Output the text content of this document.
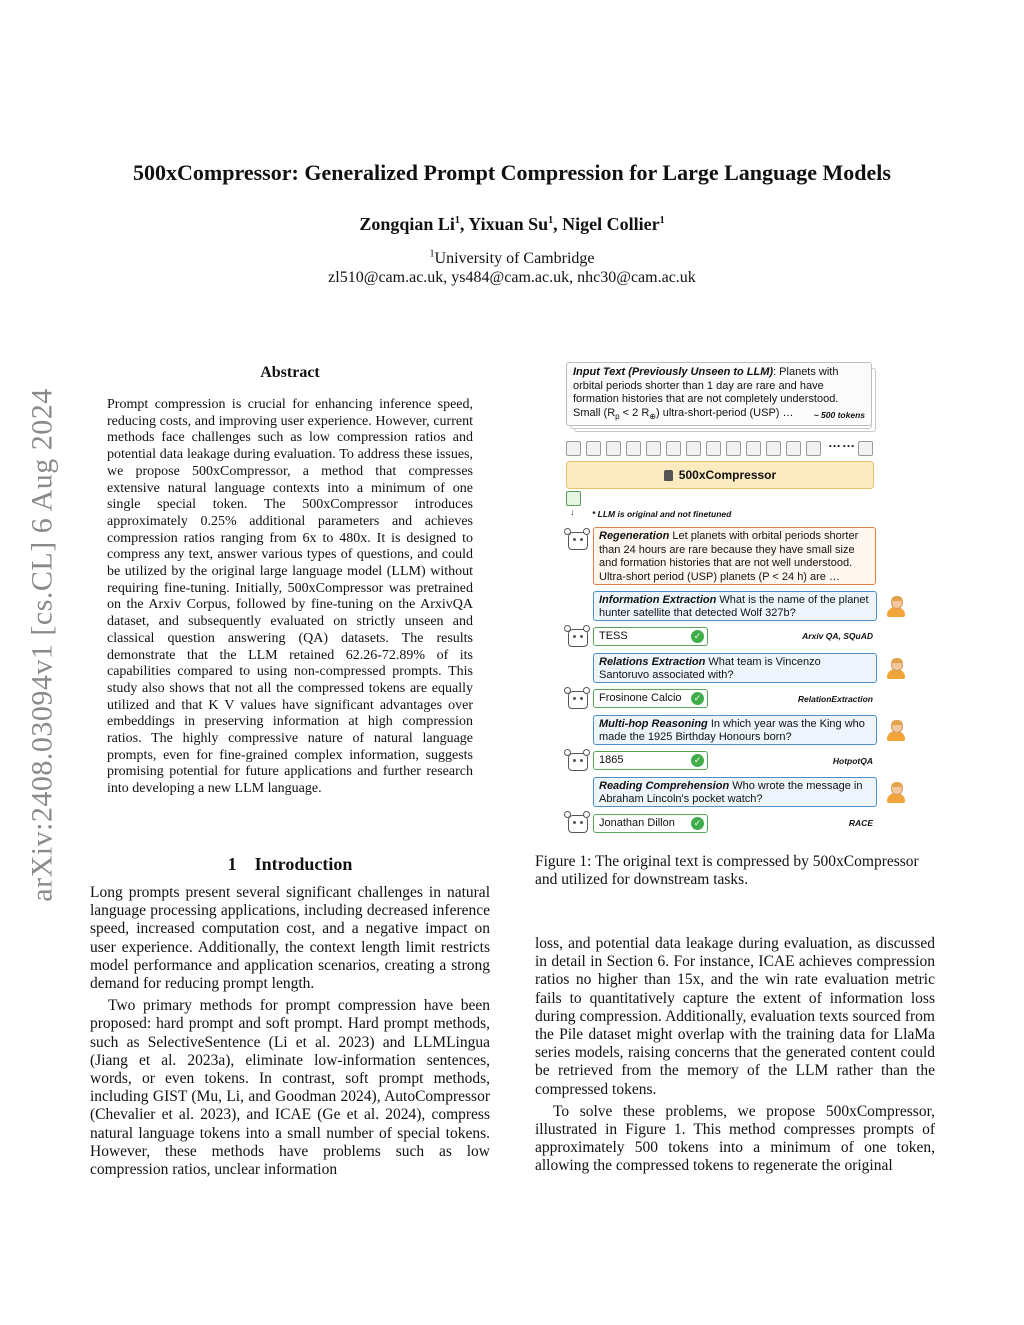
arXiv:2408.03094v1 [cs.CL] 6 Aug 2024
500xCompressor: Generalized Prompt Compression for Large Language Models
Zongqian Li$^1$, Yixuan Su$^1$, Nigel Collier$^1$
$^1$University of Cambridge
zl510@cam.ac.uk, ys484@cam.ac.uk, nhc30@cam.ac.uk
Abstract
Prompt compression is crucial for enhancing inference speed, reducing costs, and improving user experience. However, current methods face challenges such as low compression ratios and potential data leakage during evaluation. To address these issues, we propose 500xCompressor, a method that compresses extensive natural language contexts into a minimum of one single special token. The 500xCompressor introduces approximately 0.25% additional parameters and achieves compression ratios ranging from 6x to 480x. It is designed to compress any text, answer various types of questions, and could be utilized by the original large language model (LLM) without requiring fine-tuning. Initially, 500xCompressor was pretrained on the Arxiv Corpus, followed by fine-tuning on the ArxivQA dataset, and subsequently evaluated on strictly unseen and classical question answering (QA) datasets. The results demonstrate that the LLM retained 62.26-72.89% of its capabilities compared to using non-compressed prompts. This study also shows that not all the compressed tokens are equally utilized and that K V values have significant advantages over embeddings in preserving information at high compression ratios. The highly compressive nature of natural language prompts, even for fine-grained complex information, suggests promising potential for future applications and further research into developing a new LLM language.
1 Introduction

Long prompts present several significant challenges in natural language processing applications, including decreased inference speed, increased computation cost, and a negative impact on user experience. Additionally, the context length limit restricts model performance and application scenarios, creating a strong demand for reducing prompt length.

Two primary methods for prompt compression have been proposed: hard prompt and soft prompt. Hard prompt methods, such as SelectiveSentence (Li et al. 2023) and LLMLingua (Jiang et al. 2023a), eliminate low-information sentences, words, or even tokens. In contrast, soft prompt methods, including GIST (Mu, Li, and Goodman 2024), AutoCompressor (Chevalier et al. 2023), and ICAE (Ge et al. 2024), compress natural language tokens into a small number of special tokens. However, these methods have problems such as low compression ratios, unclear information

Input Text (Previously Unseen to LLM): Planets with orbital periods shorter than 1 day are rare and have formation histories that are not completely understood. Small ($R_p < 2$ $R_\oplus$) ultra-short-period (USP) … ~ 500 tokens
……
500xCompressor
↓ * LLM is original and not finetuned
Regeneration Let planets with orbital periods shorter than 24 hours are rare because they have small size and formation histories that are not well understood. Ultra-short period (USP) planets (P < 24 h) are …
Information Extraction What is the name of the planet hunter satellite that detected Wolf 327b?
TESS	✓	Arxiv QA, SQuAD
Relations Extraction What team is Vincenzo Santoruvo associated with?
Frosinone Calcio	✓	RelationExtraction
Multi-hop Reasoning In which year was the King who made the 1925 Birthday Honours born?
1865	✓	HotpotQA
Reading Comprehension Who wrote the message in Abraham Lincoln's pocket watch?
Jonathan Dillon	✓	RACE
Figure 1: The original text is compressed by 500xCompressor and utilized for downstream tasks.

loss, and potential data leakage during evaluation, as discussed in detail in Section 6. For instance, ICAE achieves compression ratios no higher than 15x, and the win rate evaluation metric fails to quantitatively capture the extent of information loss during compression. Additionally, evaluation texts sourced from the Pile dataset might overlap with the training data for LlaMa series models, raising concerns that the generated content could be retrieved from the memory of the LLM rather than the compressed tokens.

To solve these problems, we propose 500xCompressor, illustrated in Figure 1. This method compresses prompts of approximately 500 tokens into a minimum of one token, allowing the compressed tokens to regenerate the original
